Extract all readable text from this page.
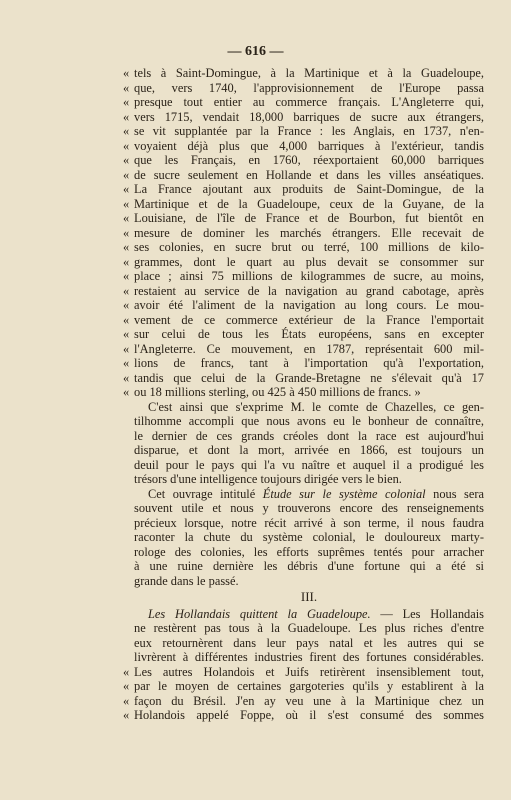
— 616 —
« tels à Saint-Domingue, à la Martinique et à la Guadeloupe,
« que, vers 1740, l'approvisionnement de l'Europe passa
« presque tout entier au commerce français. L'Angleterre qui,
« vers 1715, vendait 18,000 barriques de sucre aux étrangers,
« se vit supplantée par la France : les Anglais, en 1737, n'en-
« voyaient déjà plus que 4,000 barriques à l'extérieur, tandis
« que les Français, en 1760, réexportaient 60,000 barriques
« de sucre seulement en Hollande et dans les villes anséatiques.
« La France ajoutant aux produits de Saint-Domingue, de la
« Martinique et de la Guadeloupe, ceux de la Guyane, de la
« Louisiane, de l'île de France et de Bourbon, fut bientôt en
« mesure de dominer les marchés étrangers. Elle recevait de
« ses colonies, en sucre brut ou terré, 100 millions de kilo-
« grammes, dont le quart au plus devait se consommer sur
« place ; ainsi 75 millions de kilogrammes de sucre, au moins,
« restaient au service de la navigation au grand cabotage, après
« avoir été l'aliment de la navigation au long cours. Le mou-
« vement de ce commerce extérieur de la France l'emportait
« sur celui de tous les États européens, sans en excepter
« l'Angleterre. Ce mouvement, en 1787, représentait 600 mil-
« lions de francs, tant à l'importation qu'à l'exportation,
« tandis que celui de la Grande-Bretagne ne s'élevait qu'à 17
« ou 18 millions sterling, ou 425 à 450 millions de francs. »
C'est ainsi que s'exprime M. le comte de Chazelles, ce gen-
tilhomme accompli que nous avons eu le bonheur de connaître,
le dernier de ces grands créoles dont la race est aujourd'hui
disparue, et dont la mort, arrivée en 1866, est toujours un
deuil pour le pays qui l'a vu naître et auquel il a prodigué les
trésors d'une intelligence toujours dirigée vers le bien.
Cet ouvrage intitulé Étude sur le système colonial nous sera
souvent utile et nous y trouverons encore des renseignements
précieux lorsque, notre récit arrivé à son terme, il nous faudra
raconter la chute du système colonial, le douloureux marty-
rologe des colonies, les efforts suprêmes tentés pour arracher
à une ruine dernière les débris d'une fortune qui a été si
grande dans le passé.
III.
Les Hollandais quittent la Guadeloupe. — Les Hollandais
ne restèrent pas tous à la Guadeloupe. Les plus riches d'entre
eux retournèrent dans leur pays natal et les autres qui se
livrèrent à différentes industries firent des fortunes considérables.
« Les autres Holandois et Juifs retirèrent insensiblement tout,
« par le moyen de certaines gargoteries qu'ils y establirent à la
« façon du Brésil. J'en ay veu une à la Martinique chez un
« Holandois appelé Foppe, où il s'est consumé des sommes
